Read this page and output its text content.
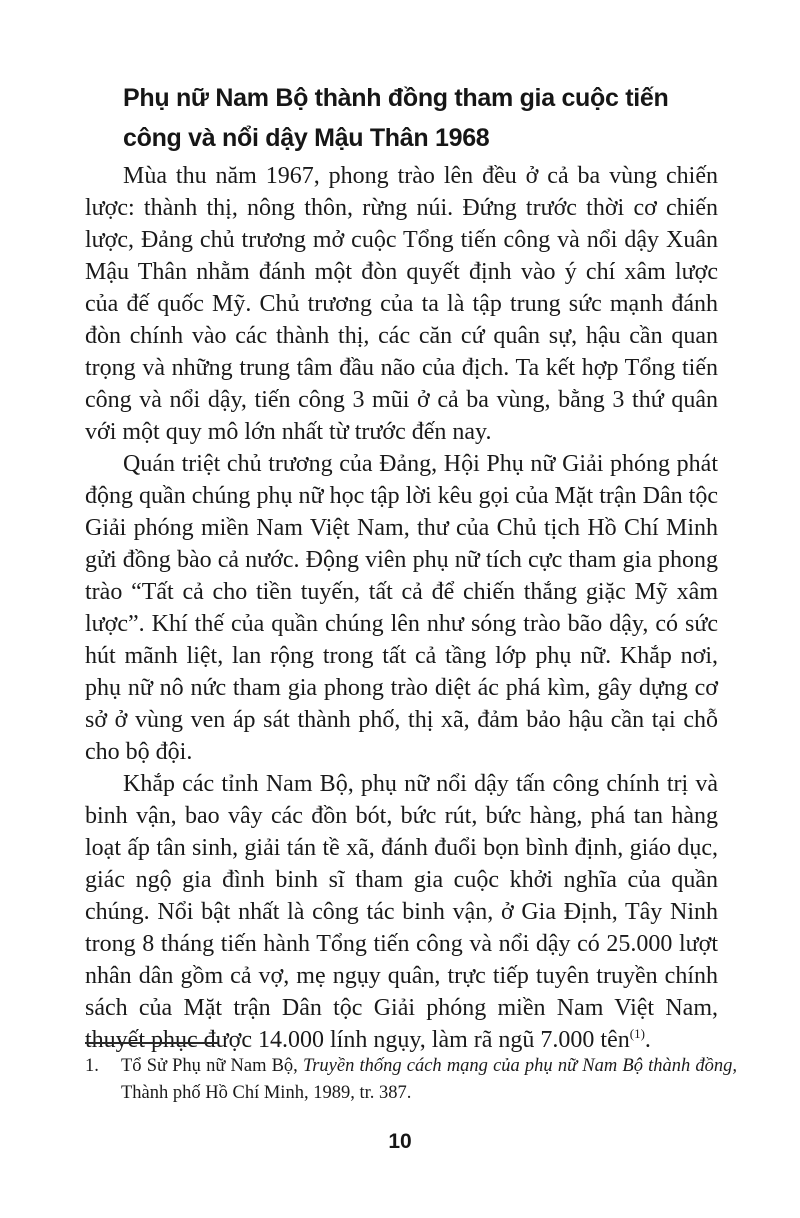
Phụ nữ Nam Bộ thành đồng tham gia cuộc tiến công và nổi dậy Mậu Thân 1968

Mùa thu năm 1967, phong trào lên đều ở cả ba vùng chiến lược: thành thị, nông thôn, rừng núi. Đứng trước thời cơ chiến lược, Đảng chủ trương mở cuộc Tổng tiến công và nổi dậy Xuân Mậu Thân nhằm đánh một đòn quyết định vào ý chí xâm lược của đế quốc Mỹ. Chủ trương của ta là tập trung sức mạnh đánh đòn chính vào các thành thị, các căn cứ quân sự, hậu cần quan trọng và những trung tâm đầu não của địch. Ta kết hợp Tổng tiến công và nổi dậy, tiến công 3 mũi ở cả ba vùng, bằng 3 thứ quân với một quy mô lớn nhất từ trước đến nay.

Quán triệt chủ trương của Đảng, Hội Phụ nữ Giải phóng phát động quần chúng phụ nữ học tập lời kêu gọi của Mặt trận Dân tộc Giải phóng miền Nam Việt Nam, thư của Chủ tịch Hồ Chí Minh gửi đồng bào cả nước. Động viên phụ nữ tích cực tham gia phong trào “Tất cả cho tiền tuyến, tất cả để chiến thắng giặc Mỹ xâm lược”. Khí thế của quần chúng lên như sóng trào bão dậy, có sức hút mãnh liệt, lan rộng trong tất cả tầng lớp phụ nữ. Khắp nơi, phụ nữ nô nức tham gia phong trào diệt ác phá kìm, gây dựng cơ sở ở vùng ven áp sát thành phố, thị xã, đảm bảo hậu cần tại chỗ cho bộ đội.

Khắp các tỉnh Nam Bộ, phụ nữ nổi dậy tấn công chính trị và binh vận, bao vây các đồn bót, bức rút, bức hàng, phá tan hàng loạt ấp tân sinh, giải tán tề xã, đánh đuổi bọn bình định, giáo dục, giác ngộ gia đình binh sĩ tham gia cuộc khởi nghĩa của quần chúng. Nổi bật nhất là công tác binh vận, ở Gia Định, Tây Ninh trong 8 tháng tiến hành Tổng tiến công và nổi dậy có 25.000 lượt nhân dân gồm cả vợ, mẹ ngụy quân, trực tiếp tuyên truyền chính sách của Mặt trận Dân tộc Giải phóng miền Nam Việt Nam, thuyết phục được 14.000 lính ngụy, làm rã ngũ 7.000 tên$^{(1)}$.

1.	Tổ Sử Phụ nữ Nam Bộ, Truyền thống cách mạng của phụ nữ Nam Bộ thành đồng, Thành phố Hồ Chí Minh, 1989, tr. 387.
10
